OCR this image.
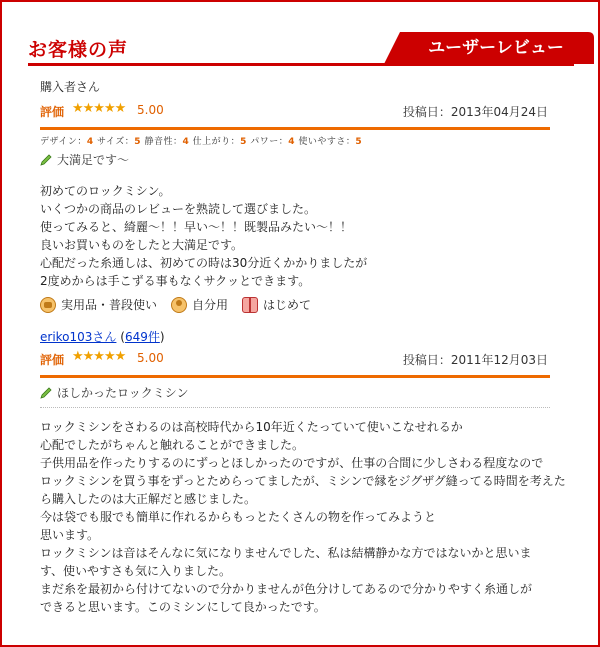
お客様の声	ユーザーレビュー
購入者さん
評価 ★★★★★ 5.00	投稿日：2013年04月24日
デザイン：4 サイズ：5 静音性：4 仕上がり：5 パワー：4 使いやすさ：5
大満足です〜
初めてのロックミシン。
いくつかの商品のレビューを熟読して選びました。
使ってみると、綺麗〜！！早い〜！！既製品みたい〜！！
良いお買いものをしたと大満足です。
心配だった糸通しは、初めての時は30分近くかかりましたが
2度めからは手こずる事もなくサクッとできます。
実用品・普段使い	自分用	はじめて
eriko103さん (649件)
評価 ★★★★★ 5.00	投稿日：2011年12月03日
ほしかったロックミシン
ロックミシンをさわるのは高校時代から10年近くたっていて使いこなせれるか
心配でしたがちゃんと触れることができました。
子供用品を作ったりするのにずっとほしかったのですが、仕事の合間に少しさわる程度なので
ロックミシンを買う事をずっとためらってましたが、ミシンで縁をジグザグ縫ってる時間を考えた
ら購入したのは大正解だと感じました。
今は袋でも服でも簡単に作れるからもっとたくさんの物を作ってみようと
思います。
ロックミシンは音はそんなに気になりませんでした、私は結構静かな方ではないかと思いま
す、使いやすさも気に入りました。
まだ糸を最初から付けてないので分かりませんが色分けしてあるので分かりやすく糸通しが
できると思います。このミシンにして良かったです。
